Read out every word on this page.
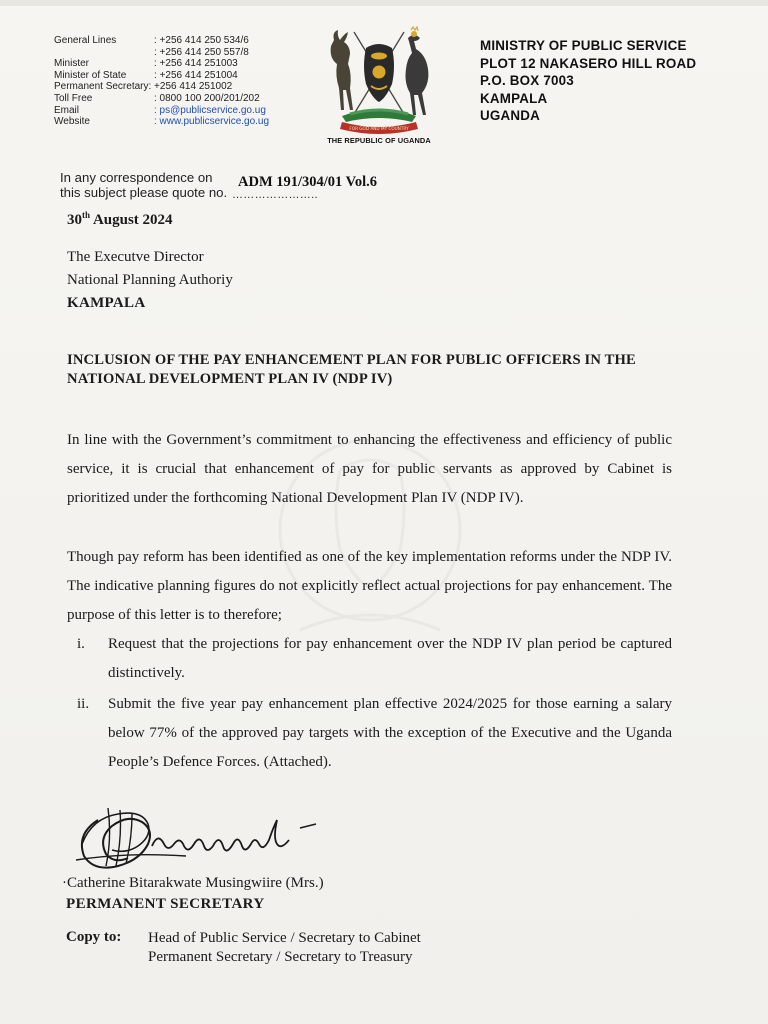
General Lines	: +256 414 250 534/6
: +256 414 250 557/8
Minister	: +256 414 251003
Minister of State	: +256 414 251004
Permanent Secretary : +256 414 251002
Toll Free	: 0800 100 200/201/202
Email	: ps@publicservice.go.ug
Website	: www.publicservice.go.ug
FOR GOD AND MY COUNTRY
THE REPUBLIC OF UGANDA
MINISTRY OF PUBLIC SERVICE
PLOT 12 NAKASERO HILL ROAD
P.O. BOX 7003
KAMPALA
UGANDA
In any correspondence on
this subject please quote no.
ADM 191/304/01 Vol.6
…………………..
30th August 2024
The Executve Director
National Planning Authoriy
KAMPALA
INCLUSION OF THE PAY ENHANCEMENT PLAN FOR PUBLIC OFFICERS IN THE NATIONAL DEVELOPMENT PLAN IV (NDP IV)
In line with the Government’s commitment to enhancing the effectiveness and efficiency of public service, it is crucial that enhancement of pay for public servants as approved by Cabinet is prioritized under the forthcoming National Development Plan IV (NDP IV).
Though pay reform has been identified as one of the key implementation reforms under the NDP IV. The indicative planning figures do not explicitly reflect actual projections for pay enhancement. The purpose of this letter is to therefore;
i.	Request that the projections for pay enhancement over the NDP IV plan period be captured distinctively.
ii.	Submit the five year pay enhancement plan effective 2024/2025 for those earning a salary below 77% of the approved pay targets with the exception of the Executive and the Uganda People’s Defence Forces. (Attached).
·Catherine Bitarakwate Musingwiire (Mrs.)
PERMANENT SECRETARY
Copy to: Head of Public Service / Secretary to Cabinet
Permanent Secretary / Secretary to Treasury
